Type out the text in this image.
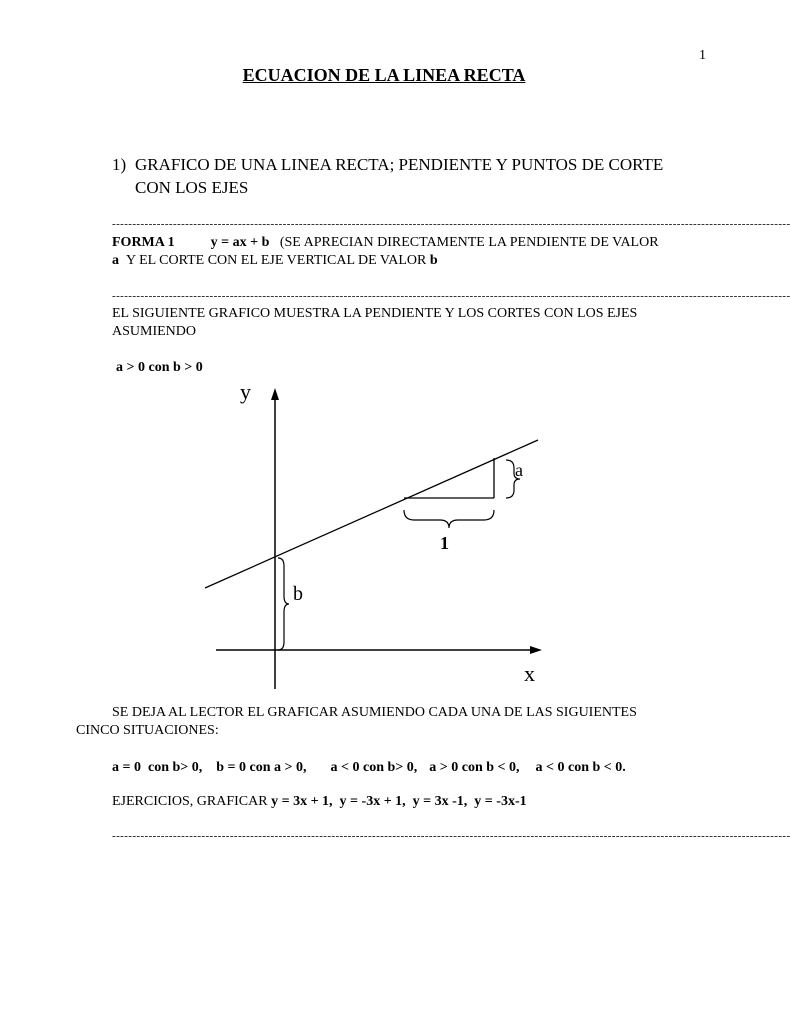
1
ECUACION DE LA LINEA RECTA
1) GRAFICO DE UNA LINEA RECTA; PENDIENTE Y PUNTOS DE CORTE CON LOS EJES
-----------------------------------------------------------------------------------------------------------------------------------------------------------------------
FORMA 1	y = ax + b (SE APRECIAN DIRECTAMENTE LA PENDIENTE DE VALOR
a Y EL CORTE CON EL EJE VERTICAL DE VALOR b
-----------------------------------------------------------------------------------------------------------------------------------------------------------------------
EL SIGUIENTE GRAFICO MUESTRA LA PENDIENTE Y LOS CORTES CON LOS EJES ASUMIENDO
a > 0 con b > 0
y
x
a
1
b
SE DEJA AL LECTOR EL GRAFICAR ASUMIENDO CADA UNA DE LAS SIGUIENTES
CINCO SITUACIONES:
a = 0  con b> 0, b = 0 con a > 0, a < 0 con b> 0, a > 0 con b < 0, a < 0 con b < 0.
EJERCICIOS, GRAFICAR y = 3x + 1,  y = -3x + 1,  y = 3x -1,  y = -3x-1
-----------------------------------------------------------------------------------------------------------------------------------------------------------------------
